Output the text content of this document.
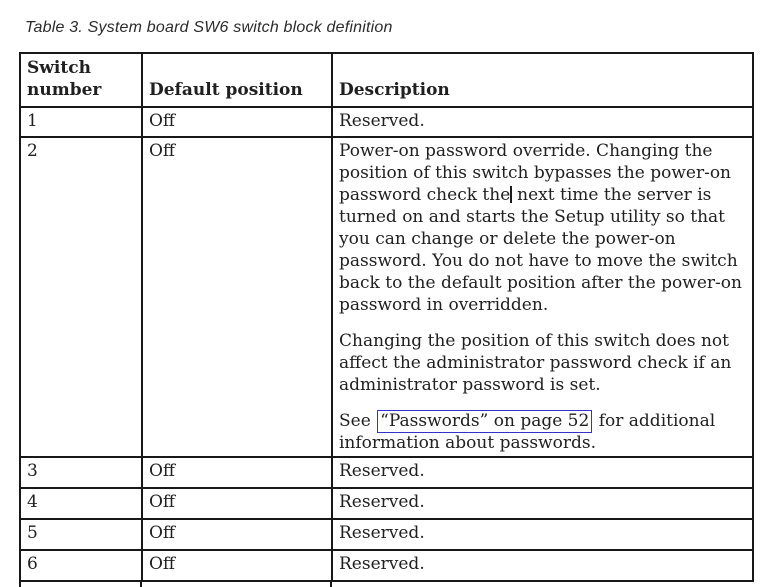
Table 3. System board SW6 switch block definition
Switch number	Default position	Description
1	Off	Reserved.
2	Off	Power-on password override. Changing the position of this switch bypasses the power-on password check the next time the server is turned on and starts the Setup utility so that you can change or delete the power-on password. You do not have to move the switch back to the default position after the power-on password in overridden.

Changing the position of this switch does not affect the administrator password check if an administrator password is set.

See “Passwords” on page 52 for additional information about passwords.

3	Off	Reserved.
4	Off	Reserved.
5	Off	Reserved.
6	Off	Reserved.
